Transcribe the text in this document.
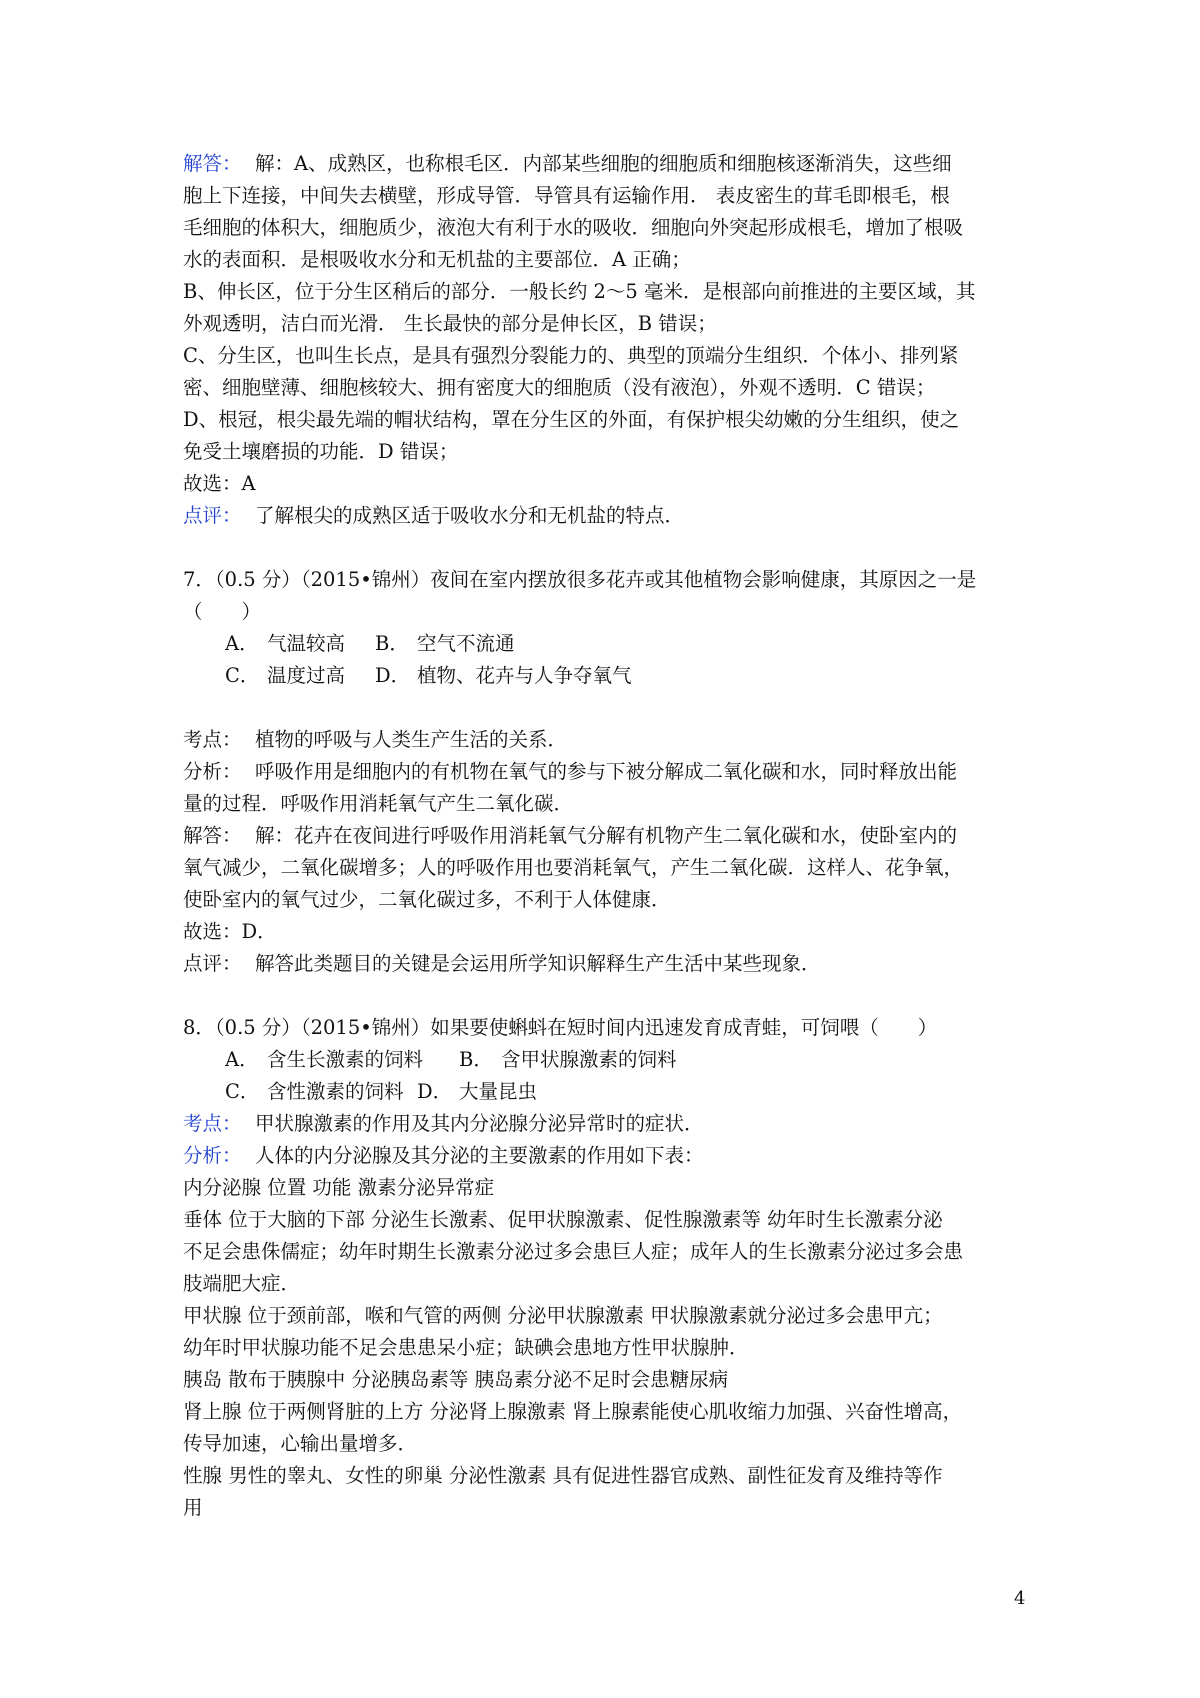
解答： 解：A、成熟区，也称根毛区．内部某些细胞的细胞质和细胞核逐渐消失，这些细
胞上下连接，中间失去横壁，形成导管．导管具有运输作用． 表皮密生的茸毛即根毛，根
毛细胞的体积大，细胞质少，液泡大有利于水的吸收．细胞向外突起形成根毛，增加了根吸
水的表面积．是根吸收水分和无机盐的主要部位．A 正确；
B、伸长区，位于分生区稍后的部分．一般长约 2～5 毫米．是根部向前推进的主要区域，其
外观透明，洁白而光滑． 生长最快的部分是伸长区，B 错误；
C、分生区，也叫生长点，是具有强烈分裂能力的、典型的顶端分生组织．个体小、排列紧
密、细胞壁薄、细胞核较大、拥有密度大的细胞质（没有液泡），外观不透明．C 错误；
D、根冠，根尖最先端的帽状结构，罩在分生区的外面，有保护根尖幼嫩的分生组织，使之
免受土壤磨损的功能．D 错误；
故选：A
点评： 了解根尖的成熟区适于吸收水分和无机盐的特点．
7．（0.5 分）（2015•锦州）夜间在室内摆放很多花卉或其他植物会影响健康，其原因之一是
（　　）
A． 气温较高 B． 空气不流通
C． 温度过高 D． 植物、花卉与人争夺氧气
考点： 植物的呼吸与人类生产生活的关系．
分析： 呼吸作用是细胞内的有机物在氧气的参与下被分解成二氧化碳和水，同时释放出能
量的过程．呼吸作用消耗氧气产生二氧化碳．
解答： 解：花卉在夜间进行呼吸作用消耗氧气分解有机物产生二氧化碳和水，使卧室内的
氧气减少，二氧化碳增多；人的呼吸作用也要消耗氧气，产生二氧化碳．这样人、花争氧，
使卧室内的氧气过少，二氧化碳过多，不利于人体健康．
故选：D．
点评： 解答此类题目的关键是会运用所学知识解释生产生活中某些现象．
8．（0.5 分）（2015•锦州）如果要使蝌蚪在短时间内迅速发育成青蛙，可饲喂（　　）
A． 含生长激素的饲料 B． 含甲状腺激素的饲料
C． 含性激素的饲料 D． 大量昆虫
考点： 甲状腺激素的作用及其内分泌腺分泌异常时的症状．
分析： 人体的内分泌腺及其分泌的主要激素的作用如下表：
内分泌腺 位置 功能 激素分泌异常症
垂体 位于大脑的下部 分泌生长激素、促甲状腺激素、促性腺激素等 幼年时生长激素分泌
不足会患侏儒症；幼年时期生长激素分泌过多会患巨人症；成年人的生长激素分泌过多会患
肢端肥大症．
甲状腺 位于颈前部，喉和气管的两侧 分泌甲状腺激素 甲状腺激素就分泌过多会患甲亢；
幼年时甲状腺功能不足会患患呆小症；缺碘会患地方性甲状腺肿．
胰岛 散布于胰腺中 分泌胰岛素等 胰岛素分泌不足时会患糖尿病
肾上腺 位于两侧肾脏的上方 分泌肾上腺激素 肾上腺素能使心肌收缩力加强、兴奋性增高，
传导加速，心输出量增多．
性腺 男性的睾丸、女性的卵巢 分泌性激素 具有促进性器官成熟、副性征发育及维持等作
用
4
